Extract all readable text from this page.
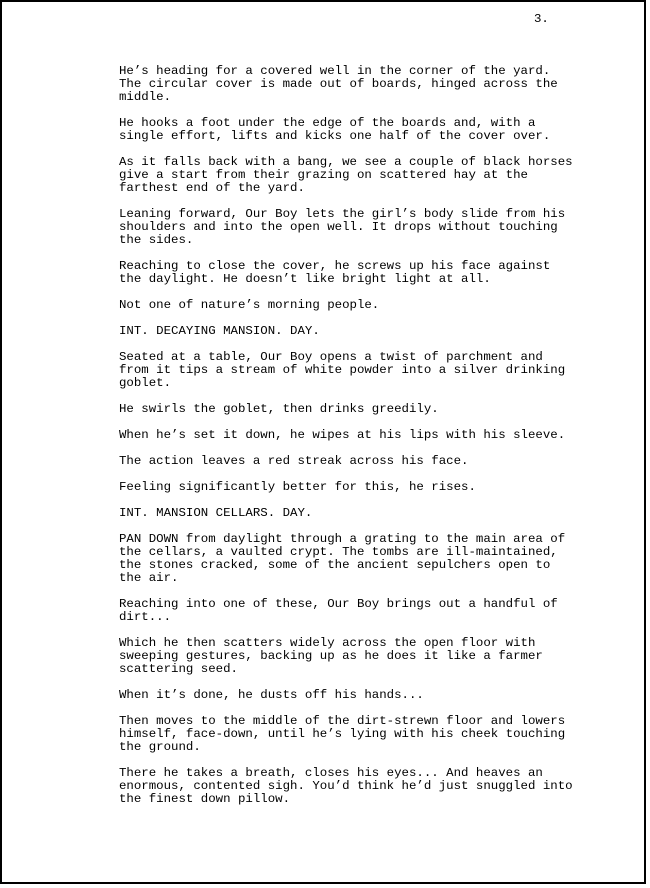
3.

He’s heading for a covered well in the corner of the yard.
The circular cover is made out of boards, hinged across the
middle.

He hooks a foot under the edge of the boards and, with a
single effort, lifts and kicks one half of the cover over.

As it falls back with a bang, we see a couple of black horses
give a start from their grazing on scattered hay at the
farthest end of the yard.

Leaning forward, Our Boy lets the girl’s body slide from his
shoulders and into the open well. It drops without touching
the sides.

Reaching to close the cover, he screws up his face against
the daylight. He doesn’t like bright light at all.

Not one of nature’s morning people.

INT. DECAYING MANSION. DAY.

Seated at a table, Our Boy opens a twist of parchment and
from it tips a stream of white powder into a silver drinking
goblet.

He swirls the goblet, then drinks greedily.

When he’s set it down, he wipes at his lips with his sleeve.

The action leaves a red streak across his face.

Feeling significantly better for this, he rises.

INT. MANSION CELLARS. DAY.

PAN DOWN from daylight through a grating to the main area of
the cellars, a vaulted crypt. The tombs are ill-maintained,
the stones cracked, some of the ancient sepulchers open to
the air.

Reaching into one of these, Our Boy brings out a handful of
dirt...

Which he then scatters widely across the open floor with
sweeping gestures, backing up as he does it like a farmer
scattering seed.

When it’s done, he dusts off his hands...

Then moves to the middle of the dirt-strewn floor and lowers
himself, face-down, until he’s lying with his cheek touching
the ground.

There he takes a breath, closes his eyes... And heaves an
enormous, contented sigh. You’d think he’d just snuggled into
the finest down pillow.
